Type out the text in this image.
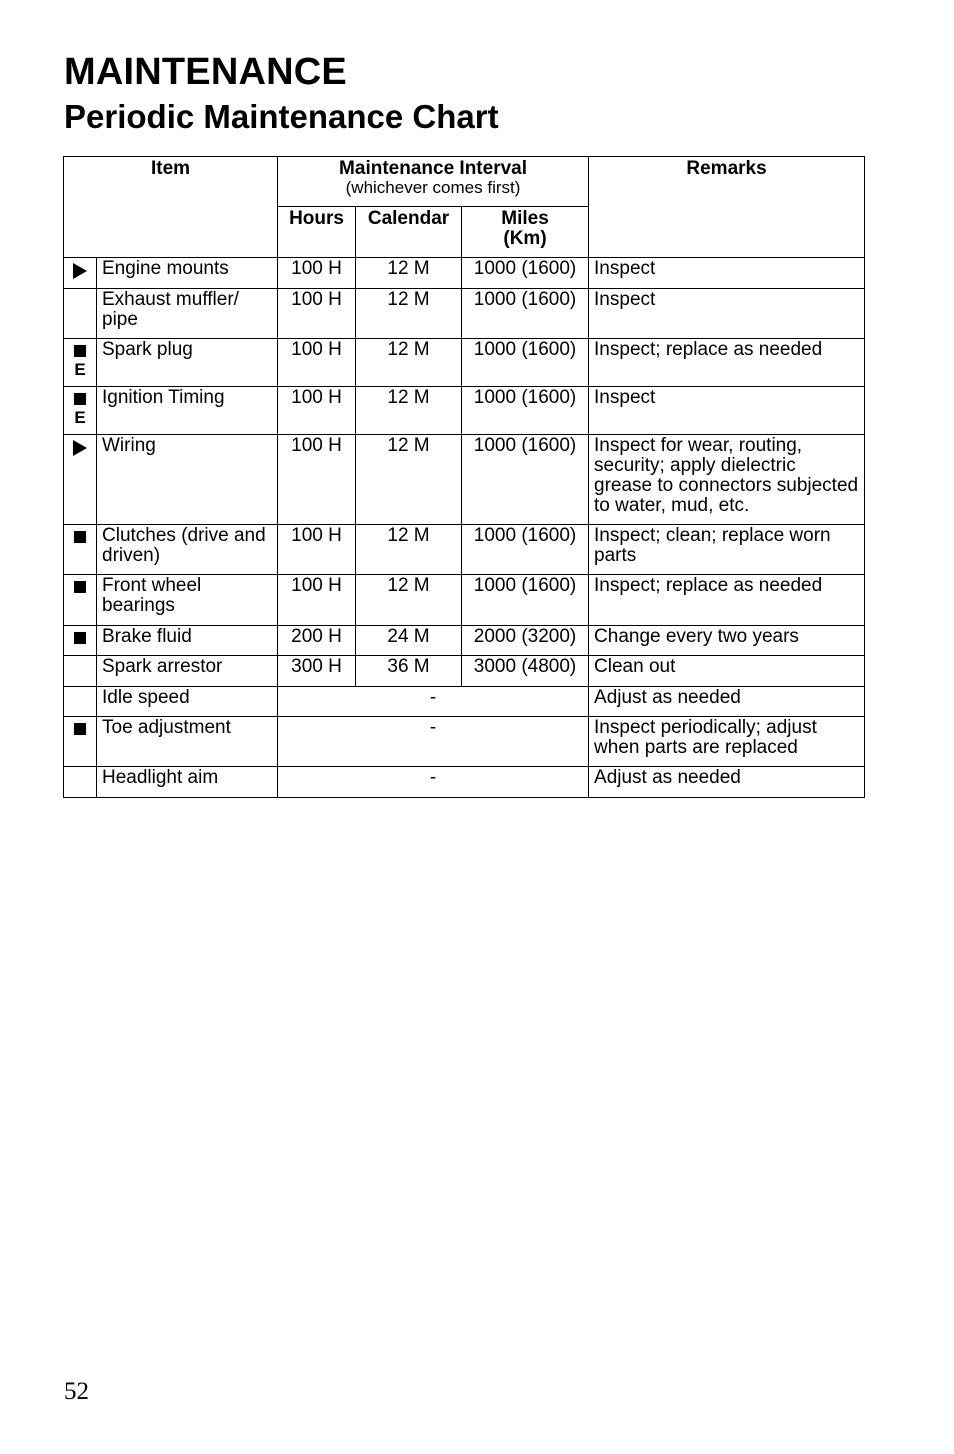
MAINTENANCE
Periodic Maintenance Chart
Item		Maintenance Interval
(whichever comes first)			Remarks
		Hours	Calendar	Miles (Km)	
	Engine mounts	100 H	12 M	1000 (1600)	Inspect
	Exhaust muffler/ pipe	100 H	12 M	1000 (1600)	Inspect

E	Spark plug	100 H	12 M	1000 (1600)	Inspect; replace as needed

E	Ignition Timing	100 H	12 M	1000 (1600)	Inspect
	Wiring	100 H	12 M	1000 (1600)	Inspect for wear, routing, security; apply dielectric grease to connectors subjected to water, mud, etc.
	Clutches (drive and driven)	100 H	12 M	1000 (1600)	Inspect; clean; replace worn parts
	Front wheel bearings	100 H	12 M	1000 (1600)	Inspect; replace as needed
	Brake fluid	200 H	24 M	2000 (3200)	Change every two years
	Spark arrestor	300 H	36 M	3000 (4800)	Clean out
	Idle speed	-			Adjust as needed
	Toe adjustment	-			Inspect periodically; adjust when parts are replaced
	Headlight aim	-			Adjust as needed
52
